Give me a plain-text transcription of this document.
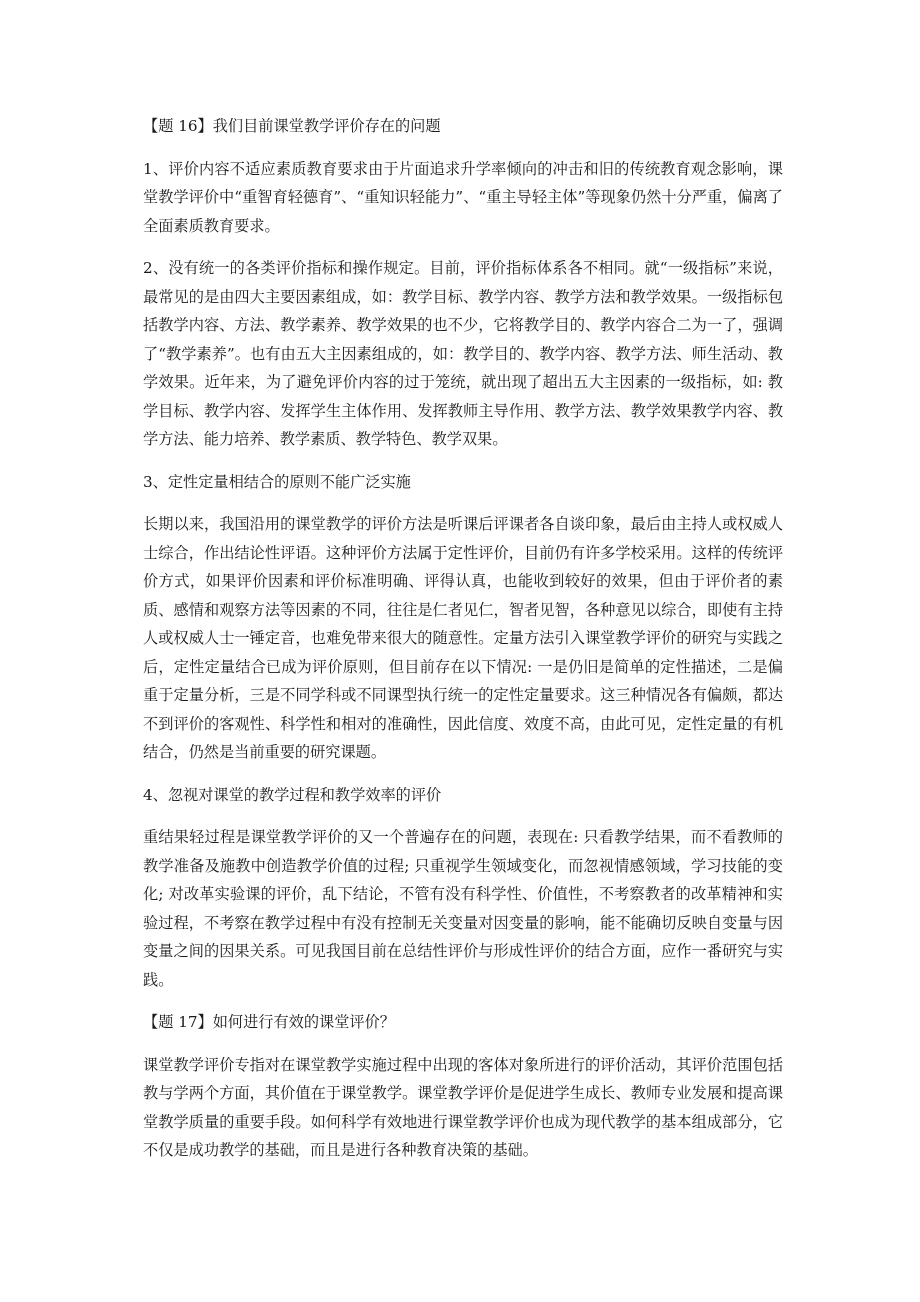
【题 16】我们目前课堂教学评价存在的问题

1、评价内容不适应素质教育要求由于片面追求升学率倾向的冲击和旧的传统教育观念影响，课堂教学评价中“重智育轻德育”、“重知识轻能力”、“重主导轻主体”等现象仍然十分严重，偏离了全面素质教育要求。

2、没有统一的各类评价指标和操作规定。目前，评价指标体系各不相同。就“一级指标”来说，最常见的是由四大主要因素组成，如：教学目标、教学内容、教学方法和教学效果。一级指标包括教学内容、方法、教学素养、教学效果的也不少，它将教学目的、教学内容合二为一了，强调了“教学素养”。也有由五大主因素组成的，如：教学目的、教学内容、教学方法、师生活动、教学效果。近年来，为了避免评价内容的过于笼统，就出现了超出五大主因素的一级指标，如: 教学目标、教学内容、发挥学生主体作用、发挥教师主导作用、教学方法、教学效果教学内容、教学方法、能力培养、教学素质、教学特色、教学双果。

3、定性定量相结合的原则不能广泛实施

长期以来，我国沿用的课堂教学的评价方法是听课后评课者各自谈印象，最后由主持人或权威人士综合，作出结论性评语。这种评价方法属于定性评价，目前仍有许多学校采用。这样的传统评价方式，如果评价因素和评价标准明确、评得认真，也能收到较好的效果，但由于评价者的素质、感情和观察方法等因素的不同，往往是仁者见仁，智者见智，各种意见以综合，即使有主持人或权威人士一锤定音，也难免带来很大的随意性。定量方法引入课堂教学评价的研究与实践之后，定性定量结合已成为评价原则，但目前存在以下情况: 一是仍旧是简单的定性描述，二是偏重于定量分析，三是不同学科或不同课型执行统一的定性定量要求。这三种情况各有偏颇，都达不到评价的客观性、科学性和相对的准确性，因此信度、效度不高，由此可见，定性定量的有机结合，仍然是当前重要的研究课题。

4、忽视对课堂的教学过程和教学效率的评价

重结果轻过程是课堂教学评价的又一个普遍存在的问题，表现在: 只看教学结果，而不看教师的教学准备及施教中创造教学价值的过程; 只重视学生领域变化，而忽视情感领域，学习技能的变化; 对改革实验课的评价，乱下结论，不管有没有科学性、价值性，不考察教者的改革精神和实验过程，不考察在教学过程中有没有控制无关变量对因变量的影响，能不能确切反映自变量与因变量之间的因果关系。可见我国目前在总结性评价与形成性评价的结合方面，应作一番研究与实践。

【题 17】如何进行有效的课堂评价？

课堂教学评价专指对在课堂教学实施过程中出现的客体对象所进行的评价活动，其评价范围包括教与学两个方面，其价值在于课堂教学。课堂教学评价是促进学生成长、教师专业发展和提高课堂教学质量的重要手段。如何科学有效地进行课堂教学评价也成为现代教学的基本组成部分，它不仅是成功教学的基础，而且是进行各种教育决策的基础。
